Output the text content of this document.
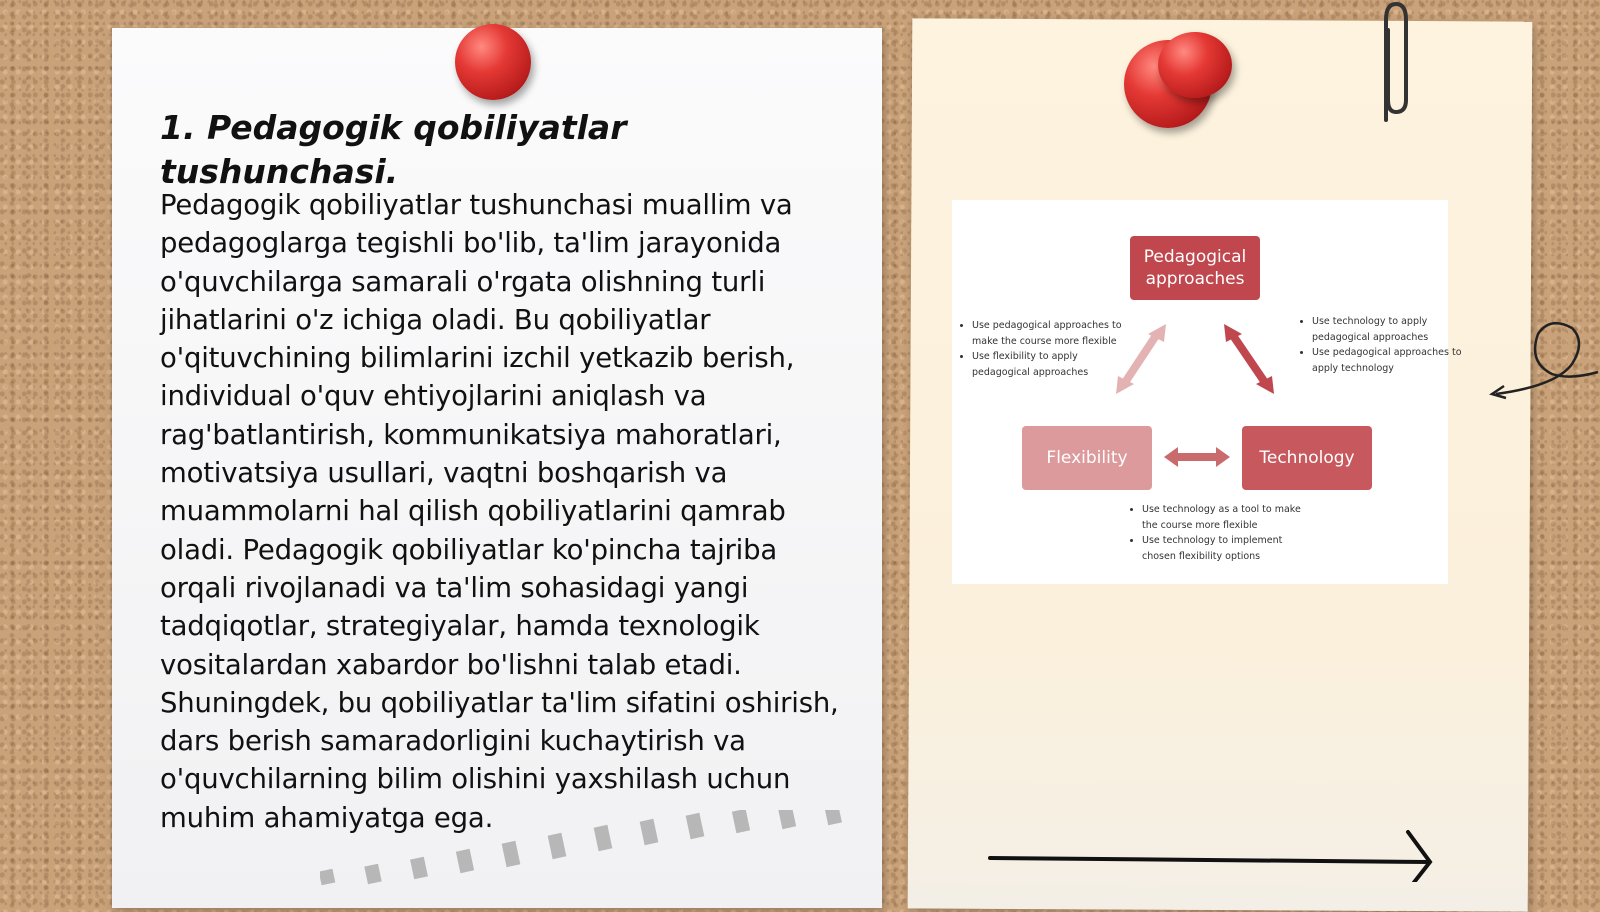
1. Pedagogik qobiliyatlar tushunchasi.

Pedagogik qobiliyatlar tushunchasi muallim va pedagoglarga tegishli bo'lib, ta'lim jarayonida o'quvchilarga samarali o'rgata olishning turli jihatlarini o'z ichiga oladi. Bu qobiliyatlar o'qituvchining bilimlarini izchil yetkazib berish, individual o'quv ehtiyojlarini aniqlash va rag'batlantirish, kommunikatsiya mahoratlari, motivatsiya usullari, vaqtni boshqarish va muammolarni hal qilish qobiliyatlarini qamrab oladi. Pedagogik qobiliyatlar ko'pincha tajriba orqali rivojlanadi va ta'lim sohasidagi yangi tadqiqotlar, strategiyalar, hamda texnologik vositalardan xabardor bo'lishni talab etadi. Shuningdek, bu qobiliyatlar ta'lim sifatini oshirish, dars berish samaradorligini kuchaytirish va o'quvchilarning bilim olishini yaxshilash uchun muhim ahamiyatga ega.

Pedagogical approaches
Flexibility	Technology
• Use pedagogical approaches to make the course more flexible
• Use flexibility to apply pedagogical approaches
• Use technology to apply pedagogical approaches
• Use pedagogical approaches to apply technology
• Use technology as a tool to make the course more flexible
• Use technology to implement chosen flexibility options
